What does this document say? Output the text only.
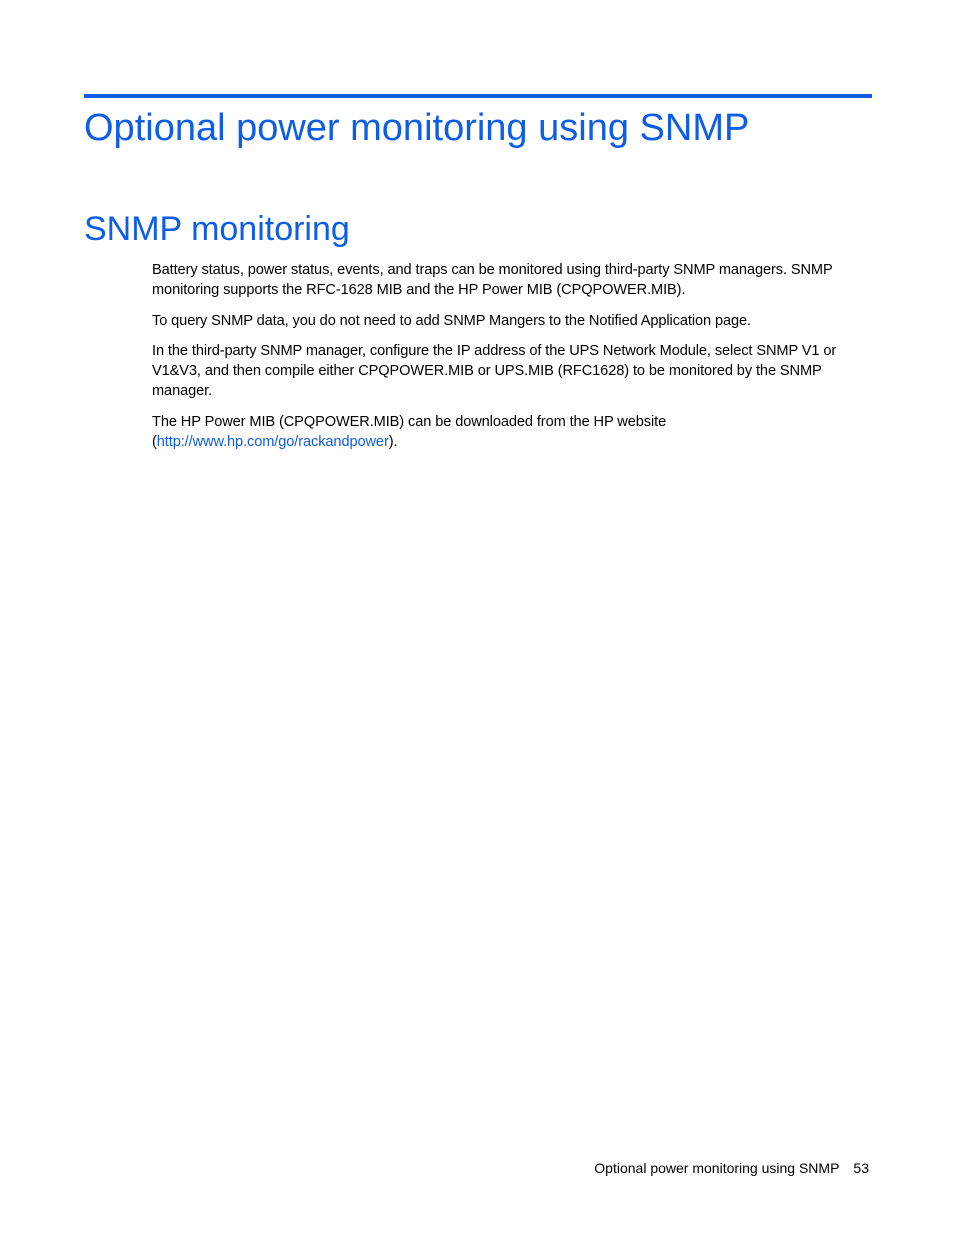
Optional power monitoring using SNMP
SNMP monitoring

Battery status, power status, events, and traps can be monitored using third-party SNMP managers. SNMP
monitoring supports the RFC-1628 MIB and the HP Power MIB (CPQPOWER.MIB).

To query SNMP data, you do not need to add SNMP Mangers to the Notified Application page.

In the third-party SNMP manager, configure the IP address of the UPS Network Module, select SNMP V1 or
V1&V3, and then compile either CPQPOWER.MIB or UPS.MIB (RFC1628) to be monitored by the SNMP
manager.

The HP Power MIB (CPQPOWER.MIB) can be downloaded from the HP website
(http://www.hp.com/go/rackandpower).

Optional power monitoring using SNMP 53
